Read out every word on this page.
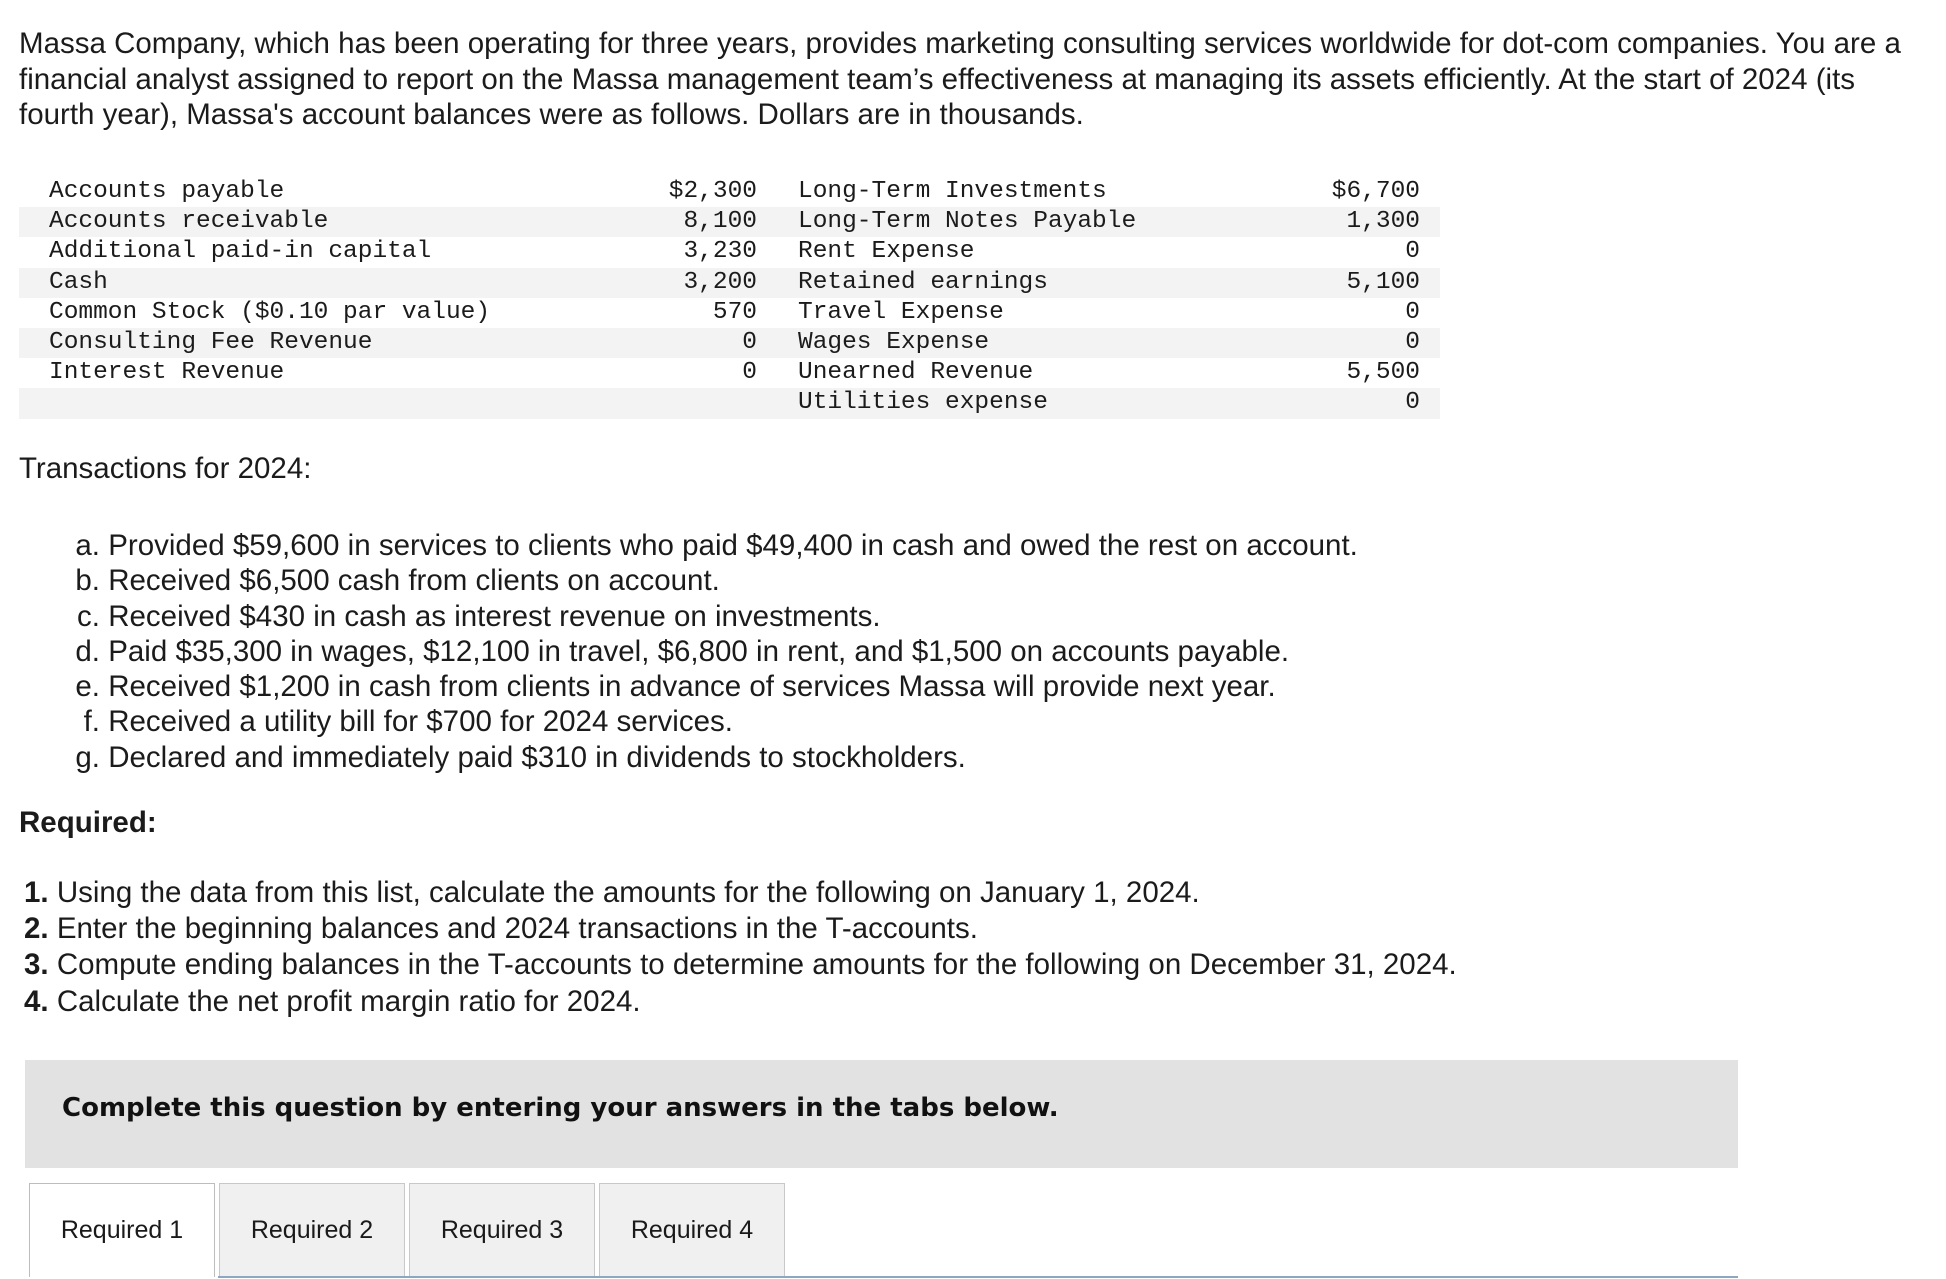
Massa Company, which has been operating for three years, provides marketing consulting services worldwide for dot-com companies. You are a financial analyst assigned to report on the Massa management team’s effectiveness at managing its assets efficiently. At the start of 2024 (its fourth year), Massa's account balances were as follows. Dollars are in thousands.

Accounts payable	$2,300	Long-Term Investments	$6,700
Accounts receivable	8,100	Long-Term Notes Payable	1,300
Additional paid-in capital	3,230	Rent Expense	0
Cash	3,200	Retained earnings	5,100
Common Stock ($0.10 par value)	570	Travel Expense	0
Consulting Fee Revenue	0	Wages Expense	0
Interest Revenue	0	Unearned Revenue	5,500
		Utilities expense	0

Transactions for 2024:

a. Provided $59,600 in services to clients who paid $49,400 in cash and owed the rest on account.
b. Received $6,500 cash from clients on account.
c. Received $430 in cash as interest revenue on investments.
d. Paid $35,300 in wages, $12,100 in travel, $6,800 in rent, and $1,500 on accounts payable.
e. Received $1,200 in cash from clients in advance of services Massa will provide next year.
f. Received a utility bill for $700 for 2024 services.
g. Declared and immediately paid $310 in dividends to stockholders.

Required:

1. Using the data from this list, calculate the amounts for the following on January 1, 2024.
2. Enter the beginning balances and 2024 transactions in the T-accounts.
3. Compute ending balances in the T-accounts to determine amounts for the following on December 31, 2024.
4. Calculate the net profit margin ratio for 2024.

Complete this question by entering your answers in the tabs below.

Required 1	Required 2	Required 3	Required 4
